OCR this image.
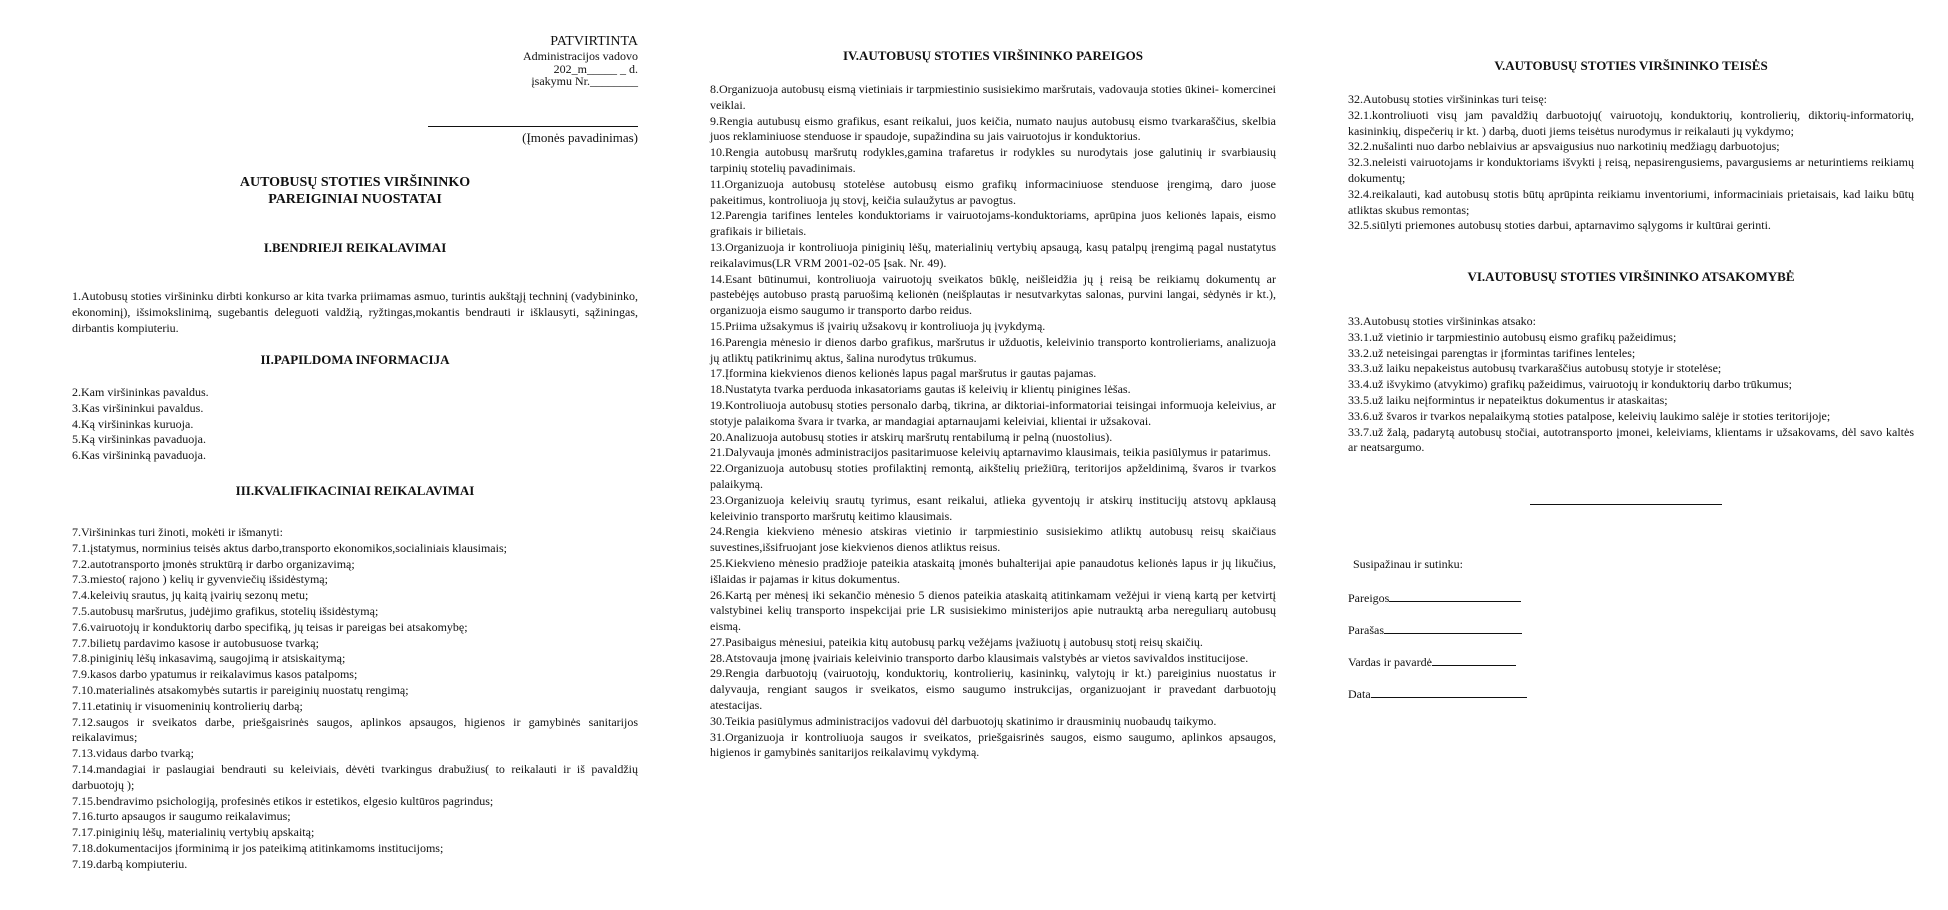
PATVIRTINTA
Administracijos vadovo
202_m_____ _ d.
įsakymu Nr.________
(Įmonės pavadinimas)

AUTOBUSŲ STOTIES VIRŠININKO

PAREIGINIAI NUOSTATAI

I.BENDRIEJI REIKALAVIMAI

1.Autobusų stoties viršininku dirbti konkurso ar kita tvarka priimamas asmuo, turintis aukštąjį techninį (vadybininko, ekonominį), išsimokslinimą, sugebantis deleguoti valdžią, ryžtingas,mokantis bendrauti ir išklausyti, sąžiningas, dirbantis kompiuteriu.

II.PAPILDOMA INFORMACIJA

2.Kam viršininkas pavaldus.

3.Kas viršininkui pavaldus.

4.Ką viršininkas kuruoja.

5.Ką viršininkas pavaduoja.

6.Kas viršininką pavaduoja.

III.KVALIFIKACINIAI REIKALAVIMAI

7.Viršininkas turi žinoti, mokėti ir išmanyti:

7.1.įstatymus, norminius teisės aktus darbo,transporto ekonomikos,socialiniais klausimais;

7.2.autotransporto įmonės struktūrą ir darbo organizavimą;

7.3.miesto( rajono ) kelių ir gyvenviečių išsidėstymą;

7.4.keleivių srautus, jų kaitą įvairių sezonų metu;

7.5.autobusų maršrutus, judėjimo grafikus, stotelių išsidėstymą;

7.6.vairuotojų ir konduktorių darbo specifiką, jų teisas ir pareigas bei atsakomybę;

7.7.bilietų pardavimo kasose ir autobusuose tvarką;

7.8.piniginių lėšų inkasavimą, saugojimą ir atsiskaitymą;

7.9.kasos darbo ypatumus ir reikalavimus kasos patalpoms;

7.10.materialinės atsakomybės sutartis ir pareiginių nuostatų rengimą;

7.11.etatinių ir visuomeninių kontrolierių darbą;

7.12.saugos ir sveikatos darbe, priešgaisrinės saugos, aplinkos apsaugos, higienos ir gamybinės sanitarijos reikalavimus;

7.13.vidaus darbo tvarką;

7.14.mandagiai ir paslaugiai bendrauti su keleiviais, dėvėti tvarkingus drabužius( to reikalauti ir iš pavaldžių darbuotojų );

7.15.bendravimo psichologiją, profesinės etikos ir estetikos, elgesio kultūros pagrindus;

7.16.turto apsaugos ir saugumo reikalavimus;

7.17.piniginių lėšų, materialinių vertybių apskaitą;

7.18.dokumentacijos įforminimą ir jos pateikimą atitinkamoms institucijoms;

7.19.darbą kompiuteriu.

IV.AUTOBUSŲ STOTIES VIRŠININKO PAREIGOS

8.Organizuoja autobusų eismą vietiniais ir tarpmiestinio susisiekimo maršrutais, vadovauja stoties ūkinei- komercinei veiklai.

9.Rengia autubusų eismo grafikus, esant reikalui, juos keičia, numato naujus autobusų eismo tvarkaraščius, skelbia juos reklaminiuose stenduose ir spaudoje, supažindina su jais vairuotojus ir konduktorius.

10.Rengia autobusų maršrutų rodykles,gamina trafaretus ir rodykles su nurodytais jose galutinių ir svarbiausių tarpinių stotelių pavadinimais.

11.Organizuoja autobusų stotelėse autobusų eismo grafikų informaciniuose stenduose įrengimą, daro juose pakeitimus, kontroliuoja jų stovį, keičia sulaužytus ar pavogtus.

12.Parengia tarifines lenteles konduktoriams ir vairuotojams-konduktoriams, aprūpina juos kelionės lapais, eismo grafikais ir bilietais.

13.Organizuoja ir kontroliuoja piniginių lėšų, materialinių vertybių apsaugą, kasų patalpų įrengimą pagal nustatytus reikalavimus(LR VRM 2001-02-05 Įsak. Nr. 49).

14.Esant būtinumui, kontroliuoja vairuotojų sveikatos būklę, neišleidžia jų į reisą be reikiamų dokumentų ar pastebėjęs autobuso prastą paruošimą kelionėn (neišplautas ir nesutvarkytas salonas, purvini langai, sėdynės ir kt.), organizuoja eismo saugumo ir transporto darbo reidus.

15.Priima užsakymus iš įvairių užsakovų ir kontroliuoja jų įvykdymą.

16.Parengia mėnesio ir dienos darbo grafikus, maršrutus ir užduotis, keleivinio transporto kontrolieriams, analizuoja jų atliktų patikrinimų aktus, šalina nurodytus trūkumus.

17.Įformina kiekvienos dienos kelionės lapus pagal maršrutus ir gautas pajamas.

18.Nustatyta tvarka perduoda inkasatoriams gautas iš keleivių ir klientų pinigines lėšas.

19.Kontroliuoja autobusų stoties personalo darbą, tikrina, ar diktoriai-informatoriai teisingai informuoja keleivius, ar stotyje palaikoma švara ir tvarka, ar mandagiai aptarnaujami keleiviai, klientai ir užsakovai.

20.Analizuoja autobusų stoties ir atskirų maršrutų rentabilumą ir pelną (nuostolius).

21.Dalyvauja įmonės administracijos pasitarimuose keleivių aptarnavimo klausimais, teikia pasiūlymus ir patarimus.

22.Organizuoja autobusų stoties profilaktinį remontą, aikštelių priežiūrą, teritorijos apželdinimą, švaros ir tvarkos palaikymą.

23.Organizuoja keleivių srautų tyrimus, esant reikalui, atlieka gyventojų ir atskirų institucijų atstovų apklausą keleivinio transporto maršrutų keitimo klausimais.

24.Rengia kiekvieno mėnesio atskiras vietinio ir tarpmiestinio susisiekimo atliktų autobusų reisų skaičiaus suvestines,išsifruojant jose kiekvienos dienos atliktus reisus.

25.Kiekvieno mėnesio pradžioje pateikia ataskaitą įmonės buhalterijai apie panaudotus kelionės lapus ir jų likučius, išlaidas ir pajamas ir kitus dokumentus.

26.Kartą per mėnesį iki sekančio mėnesio 5 dienos pateikia ataskaitą atitinkamam vežėjui ir vieną kartą per ketvirtį valstybinei kelių transporto inspekcijai prie LR susisiekimo ministerijos apie nutrauktą arba nereguliarų autobusų eismą.

27.Pasibaigus mėnesiui, pateikia kitų autobusų parkų vežėjams įvažiuotų į autobusų stotį reisų skaičių.

28.Atstovauja įmonę įvairiais keleivinio transporto darbo klausimais valstybės ar vietos savivaldos institucijose.

29.Rengia darbuotojų (vairuotojų, konduktorių, kontrolierių, kasininkų, valytojų ir kt.) pareiginius nuostatus ir dalyvauja, rengiant saugos ir sveikatos, eismo saugumo instrukcijas, organizuojant ir pravedant darbuotojų atestacijas.

30.Teikia pasiūlymus administracijos vadovui dėl darbuotojų skatinimo ir drausminių nuobaudų taikymo.

31.Organizuoja ir kontroliuoja saugos ir sveikatos, priešgaisrinės saugos, eismo saugumo, aplinkos apsaugos, higienos ir gamybinės sanitarijos reikalavimų vykdymą.

V.AUTOBUSŲ STOTIES VIRŠININKO TEISĖS

32.Autobusų stoties viršininkas turi teisę:

32.1.kontroliuoti visų jam pavaldžių darbuotojų( vairuotojų, konduktorių, kontrolierių, diktorių-informatorių, kasininkių, dispečerių ir kt. ) darbą, duoti jiems teisėtus nurodymus ir reikalauti jų vykdymo;

32.2.nušalinti nuo darbo neblaivius ar apsvaigusius nuo narkotinių medžiagų darbuotojus;

32.3.neleisti vairuotojams ir konduktoriams išvykti į reisą, nepasirengusiems, pavargusiems ar neturintiems reikiamų dokumentų;

32.4.reikalauti, kad autobusų stotis būtų aprūpinta reikiamu inventoriumi, informaciniais prietaisais, kad laiku būtų atliktas skubus remontas;

32.5.siūlyti priemones autobusų stoties darbui, aptarnavimo sąlygoms ir kultūrai gerinti.

VI.AUTOBUSŲ STOTIES VIRŠININKO ATSAKOMYBĖ

33.Autobusų stoties viršininkas atsako:

33.1.už vietinio ir tarpmiestinio autobusų eismo grafikų pažeidimus;

33.2.už neteisingai parengtas ir įformintas tarifines lenteles;

33.3.už laiku nepakeistus autobusų tvarkaraščius autobusų stotyje ir stotelėse;

33.4.už išvykimo (atvykimo) grafikų pažeidimus, vairuotojų ir konduktorių darbo trūkumus;

33.5.už laiku neįformintus ir nepateiktus dokumentus ir ataskaitas;

33.6.už švaros ir tvarkos nepalaikymą stoties patalpose, keleivių laukimo salėje ir stoties teritorijoje;

33.7.už žalą, padarytą autobusų stočiai, autotransporto įmonei, keleiviams, klientams ir užsakovams, dėl savo kaltės ar neatsargumo.

Susipažinau ir sutinku:

Pareigos
Parašas
Vardas ir pavardė
Data
